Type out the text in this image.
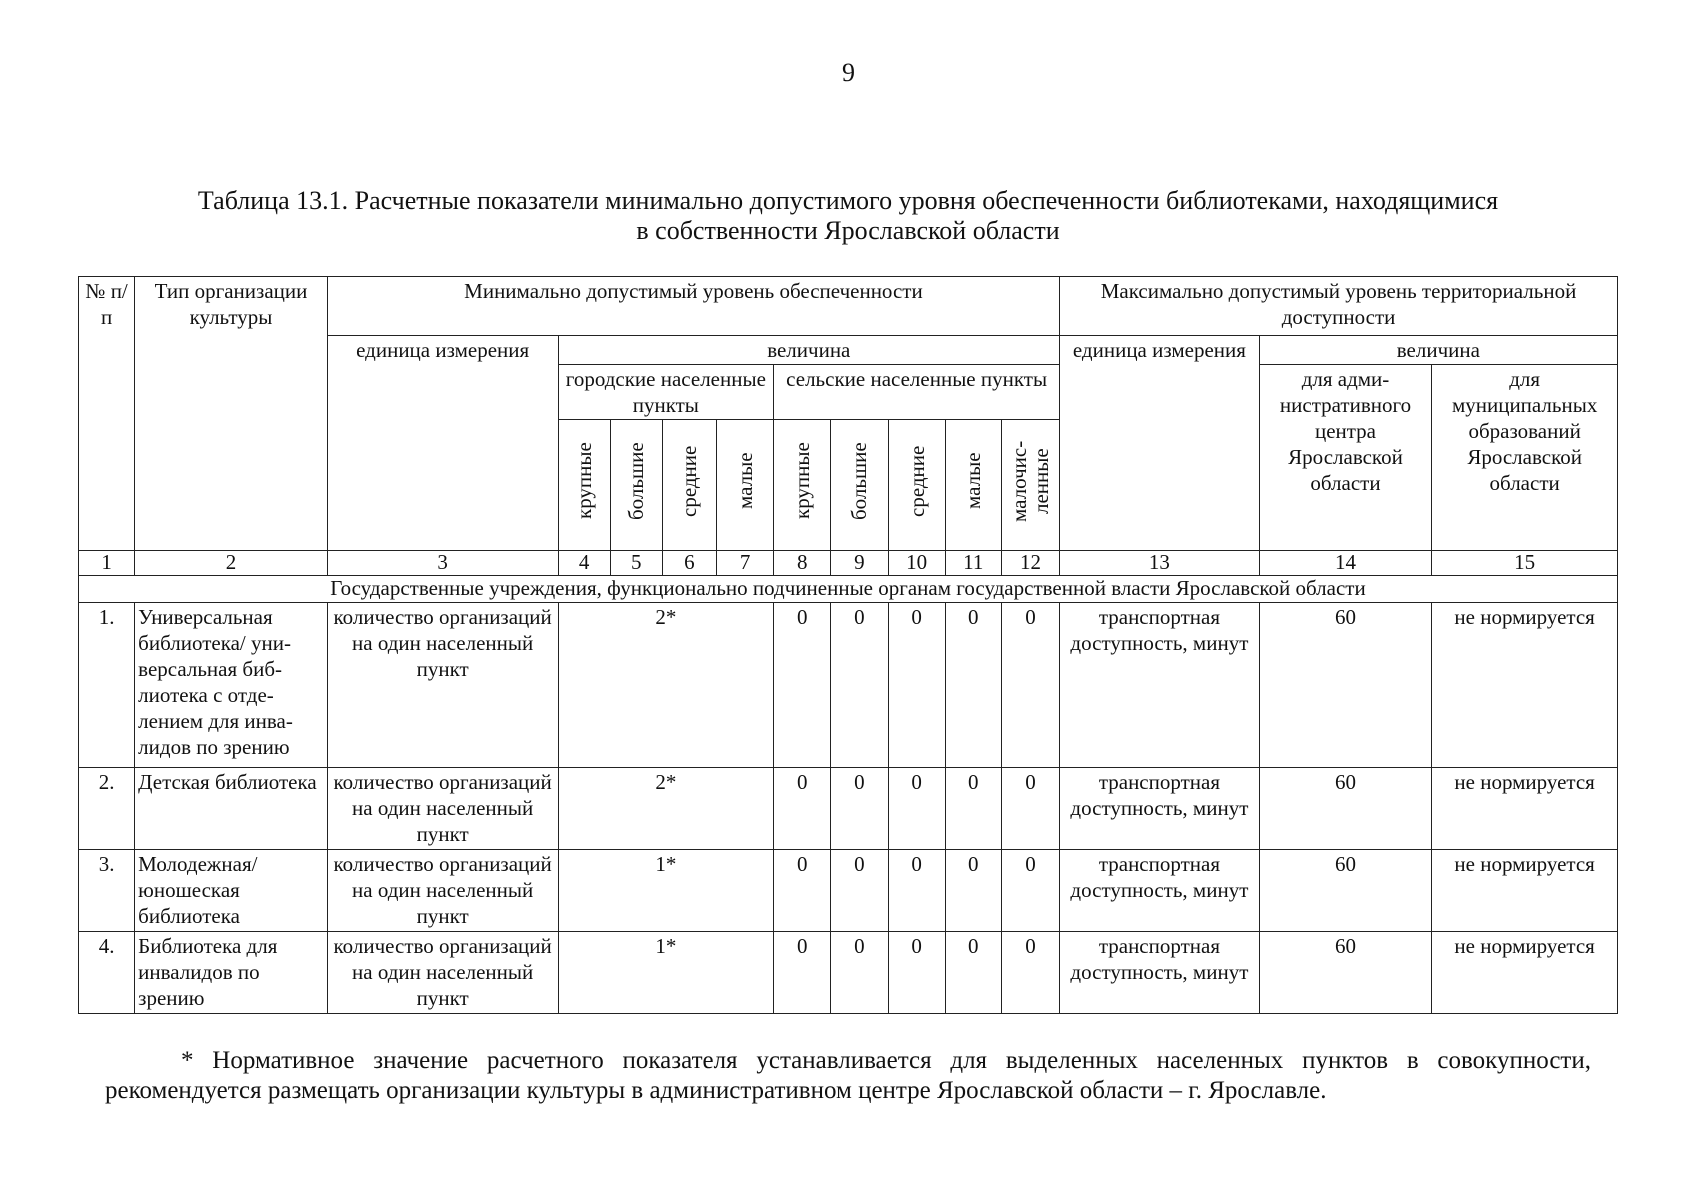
9
Таблица 13.1. Расчетные показатели минимально допустимого уровня обеспеченности библиотеками, находящимися
в собственности Ярославской области
№ п/п	Тип организации культуры	Минимально допустимый уровень обеспеченности										Максимально допустимый уровень территориальной доступности		
		единица измерения	величина									единица измерения	величина	
			городские населенные пункты				сельские населенные пункты						для адми-нистративного центра Ярославской области	для муниципальных образований Ярославской области

			крупные	большие	средние	малые	крупные	большие	средние	малые	малочис-ленные			

1	2	3	4	5	6	7	8	9	10	11	12	13	14	15
Государственные учреждения, функционально подчиненные органам государственной власти Ярославской области														
1.	Универсальная библиотека/ уни-версальная биб-лиотека с отде-лением для инва-лидов по зрению	количество организаций на один населенный пункт	2*				0	0	0	0	0	транспортная доступность, минут	60	не нормируется
2.	Детская библиотека	количество организаций на один населенный пункт	2*				0	0	0	0	0	транспортная доступность, минут	60	не нормируется
3.	Молодежная/ юношеская библиотека	количество организаций на один населенный пункт	1*				0	0	0	0	0	транспортная доступность, минут	60	не нормируется
4.	Библиотека для инвалидов по зрению	количество организаций на один населенный пункт	1*				0	0	0	0	0	транспортная доступность, минут	60	не нормируется
* Нормативное значение расчетного показателя устанавливается для выделенных населенных пунктов в совокупности, рекомендуется размещать организации культуры в административном центре Ярославской области – г. Ярославле.
